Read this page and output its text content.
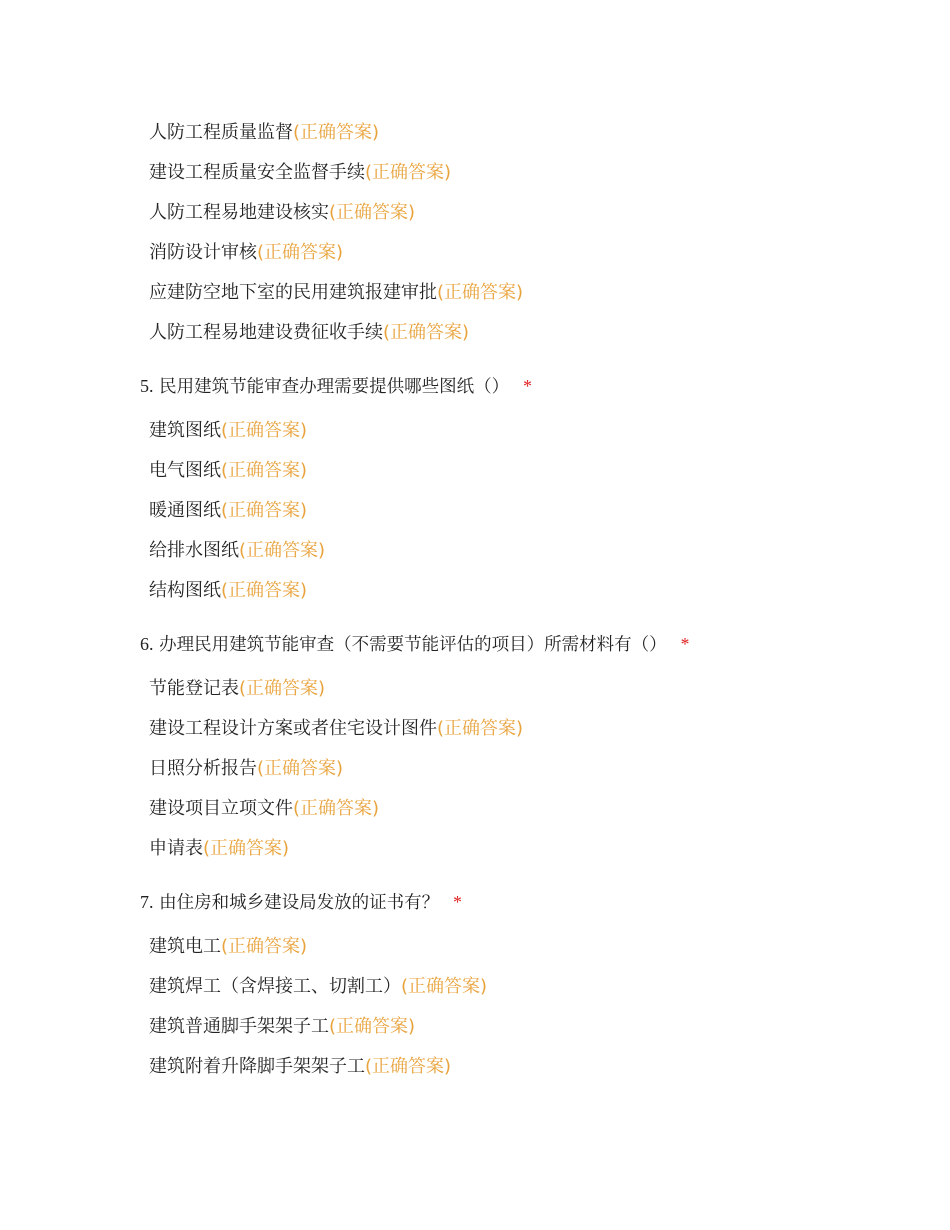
人防工程质量监督(正确答案)
建设工程质量安全监督手续(正确答案)
人防工程易地建设核实(正确答案)
消防设计审核(正确答案)
应建防空地下室的民用建筑报建审批(正确答案)
人防工程易地建设费征收手续(正确答案)
5. 民用建筑节能审查办理需要提供哪些图纸（） *
建筑图纸(正确答案)
电气图纸(正确答案)
暖通图纸(正确答案)
给排水图纸(正确答案)
结构图纸(正确答案)
6. 办理民用建筑节能审查（不需要节能评估的项目）所需材料有（） *
节能登记表(正确答案)
建设工程设计方案或者住宅设计图件(正确答案)
日照分析报告(正确答案)
建设项目立项文件(正确答案)
申请表(正确答案)
7. 由住房和城乡建设局发放的证书有？ *
建筑电工(正确答案)
建筑焊工（含焊接工、切割工）(正确答案)
建筑普通脚手架架子工(正确答案)
建筑附着升降脚手架架子工(正确答案)
